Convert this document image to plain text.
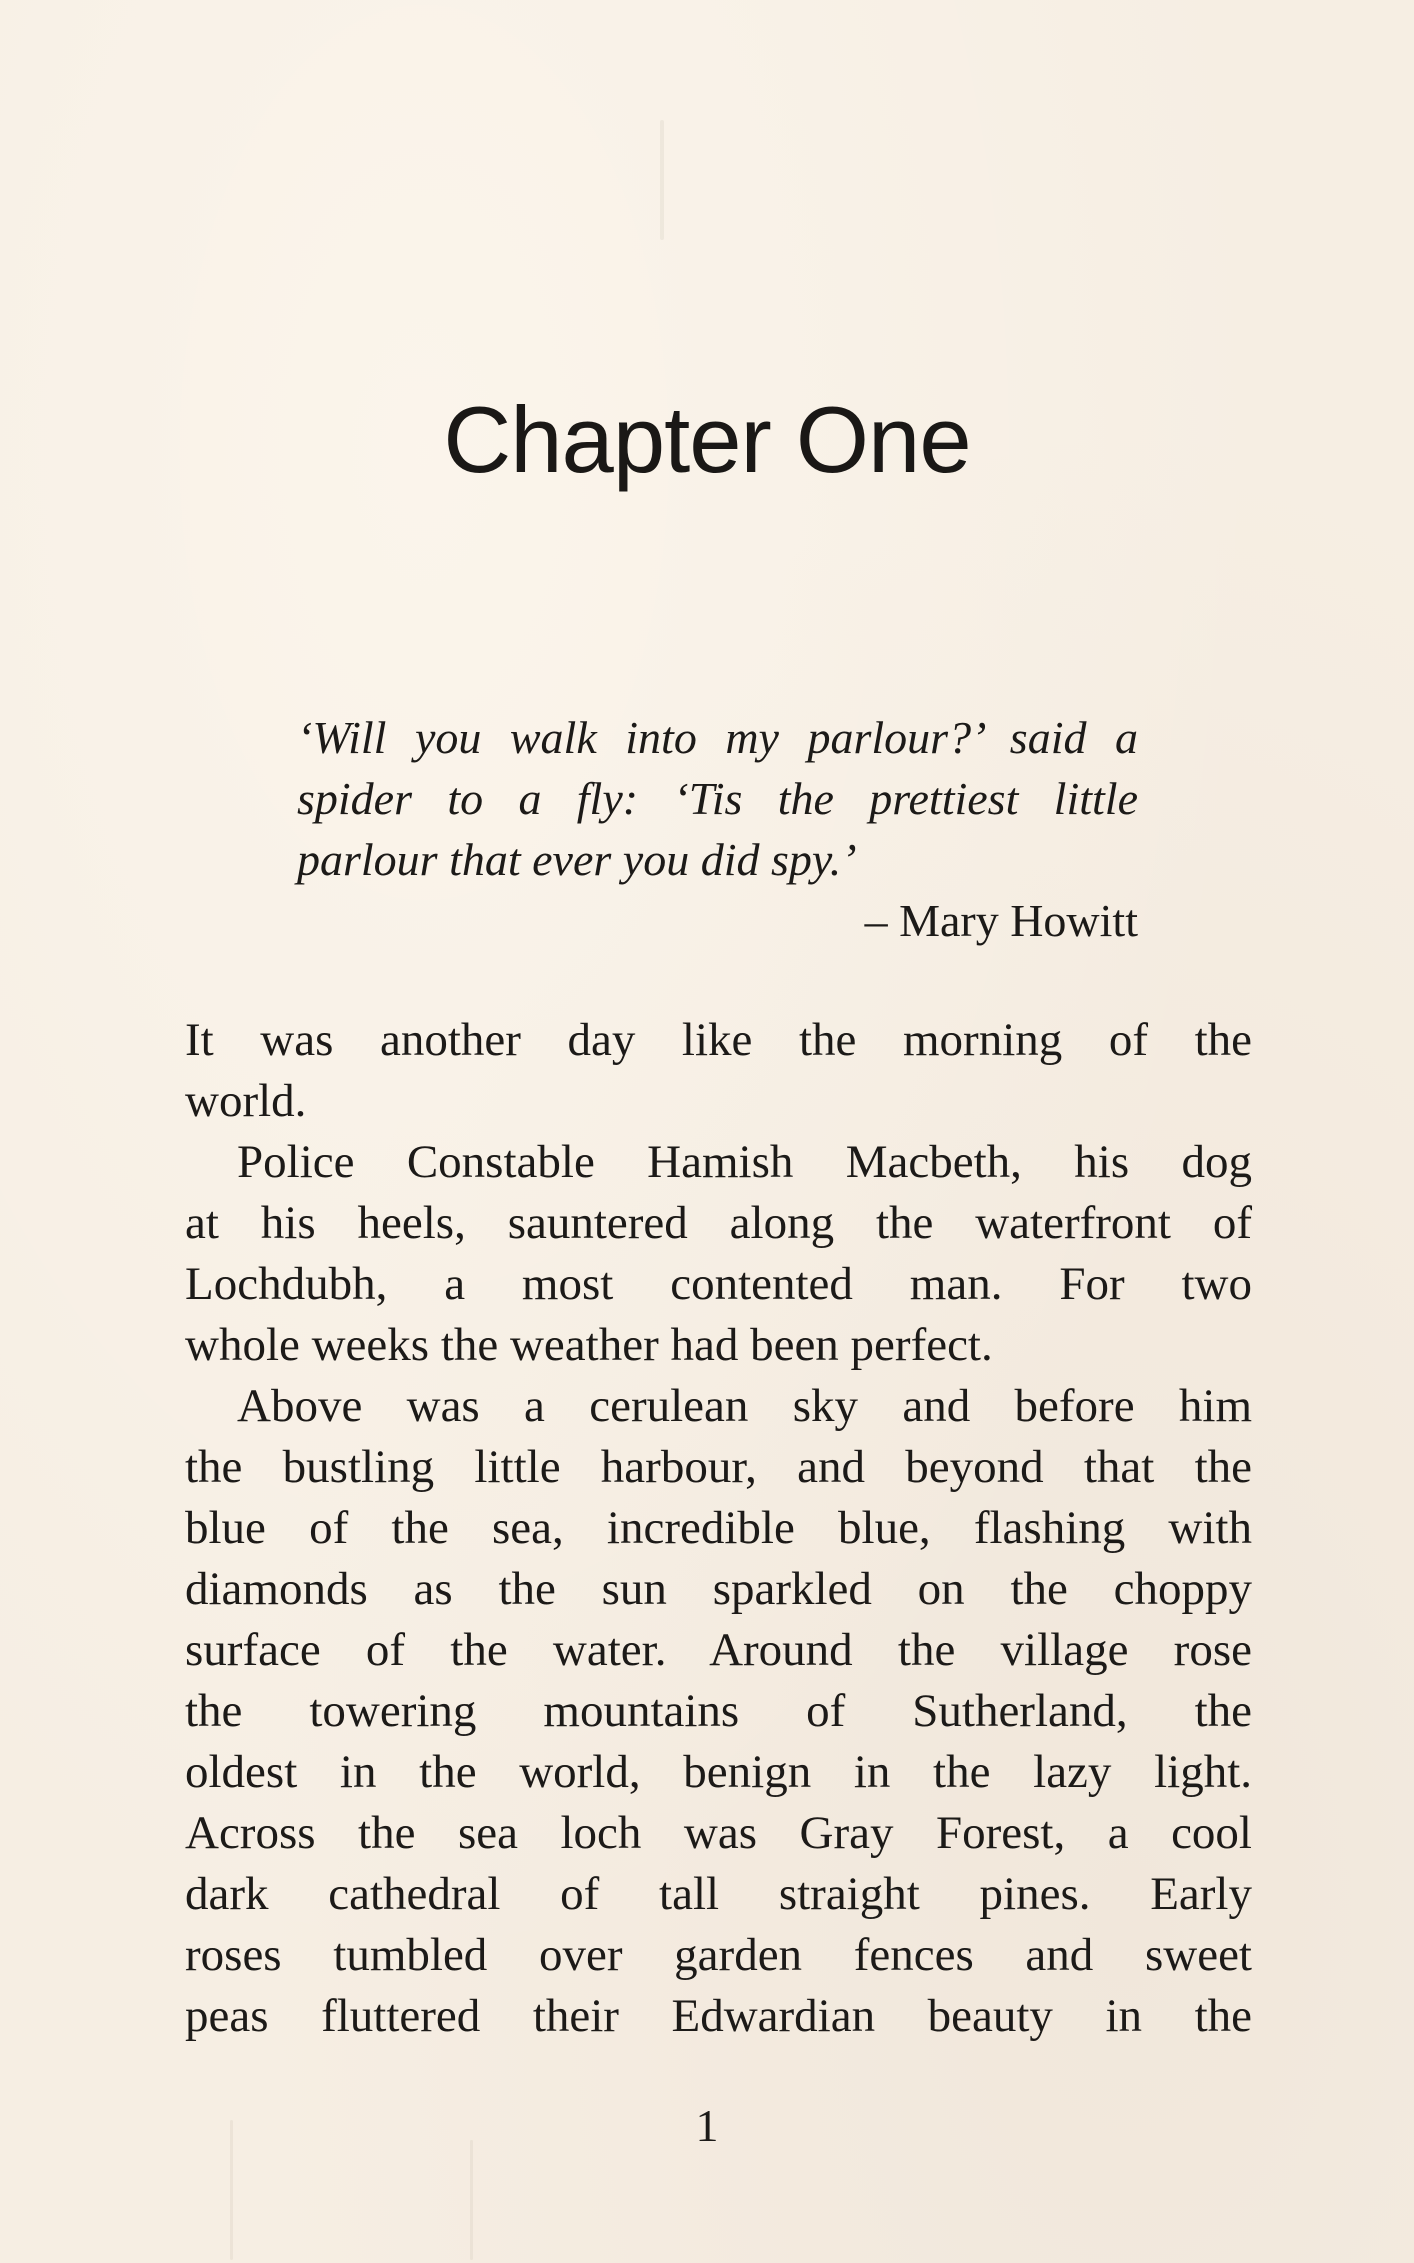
Chapter One

‘Will you walk into my parlour?’ said a
spider to a fly: ‘Tis the prettiest little
parlour that ever you did spy.’

– Mary Howitt

It was another day like the morning of the
world.
Police Constable Hamish Macbeth, his dog
at his heels, sauntered along the waterfront of
Lochdubh, a most contented man. For two
whole weeks the weather had been perfect.
Above was a cerulean sky and before him
the bustling little harbour, and beyond that the
blue of the sea, incredible blue, flashing with
diamonds as the sun sparkled on the choppy
surface of the water. Around the village rose
the towering mountains of Sutherland, the
oldest in the world, benign in the lazy light.
Across the sea loch was Gray Forest, a cool
dark cathedral of tall straight pines. Early
roses tumbled over garden fences and sweet
peas fluttered their Edwardian beauty in the
1
